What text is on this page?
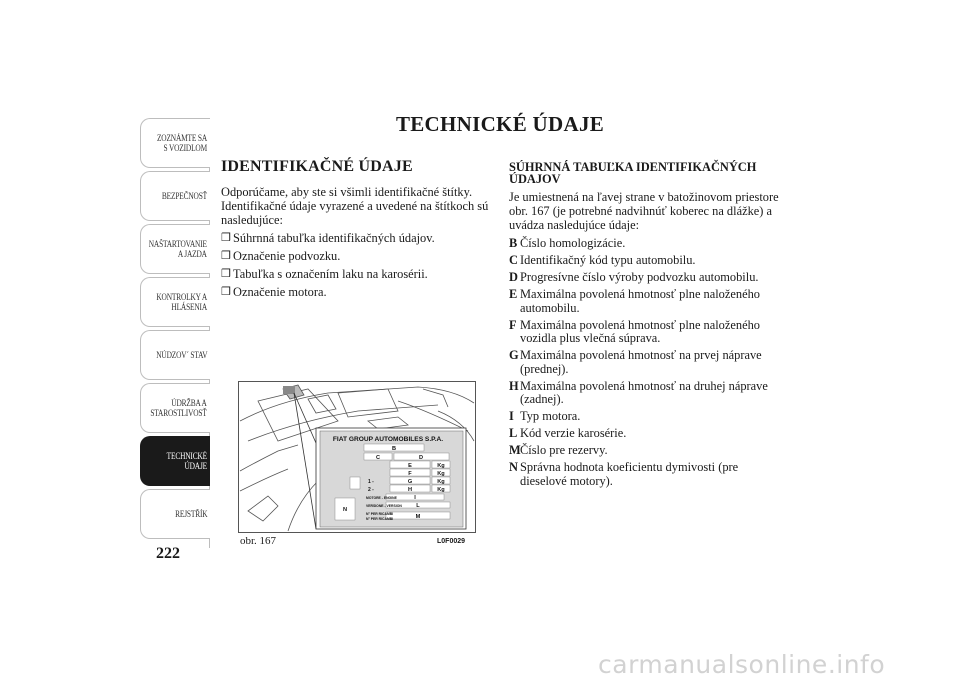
ZOZNÁMTE SA S VOZIDLOM
BEZPEČNOSŤ
NAŠTARTOVANIE A JAZDA
KONTROLKY A HLÁSENIA
NÚDZOV´ STAV
ÚDRŽBA A STAROSTLIVOSŤ
TECHNICKÉ ÚDAJE
REJSTŘÍK
222
TECHNICKÉ ÚDAJE
IDENTIFIKAČNÉ ÚDAJE

Odporúčame, aby ste si všimli identifikačné štítky. Identifikačné údaje vyrazené a uvedené na štítkoch sú nasledujúce:

❒ Súhrnná tabuľka identifikačných údajov.
❒ Označenie podvozku.
❒ Tabuľka s označením laku na karosérii.
❒ Označenie motora.
FIAT GROUP AUTOMOBILES S.P.A.
B
C	D
E	Kg
F	Kg
G	Kg
H	Kg
I
L
M
N
1 -
2 -
MOTORE - ENGINE
VERSIONE - VERSION
N° PER RICAMBI
N° PER RICAMBI
obr. 167	L0F0029
SÚHRNNÁ TABUĽKA IDENTIFIKAČNÝCH ÚDAJOV

Je umiestnená na ľavej strane v batožinovom priestore obr. 167 (je potrebné nadvihnúť koberec na dlážke) a uvádza nasledujúce údaje:

B Číslo homologizácie.
C Identifikačný kód typu automobilu.
D Progresívne číslo výroby podvozku automobilu.
E Maximálna povolená hmotnosť plne naloženého automobilu.
F Maximálna povolená hmotnosť plne naloženého vozidla plus vlečná súprava.
G Maximálna povolená hmotnosť na prvej náprave (prednej).
H Maximálna povolená hmotnosť na druhej náprave (zadnej).
I Typ motora.
L Kód verzie karosérie.
M Číslo pre rezervy.
N Správna hodnota koeficientu dymivosti (pre dieselové motory).
carmanualsonline.info
